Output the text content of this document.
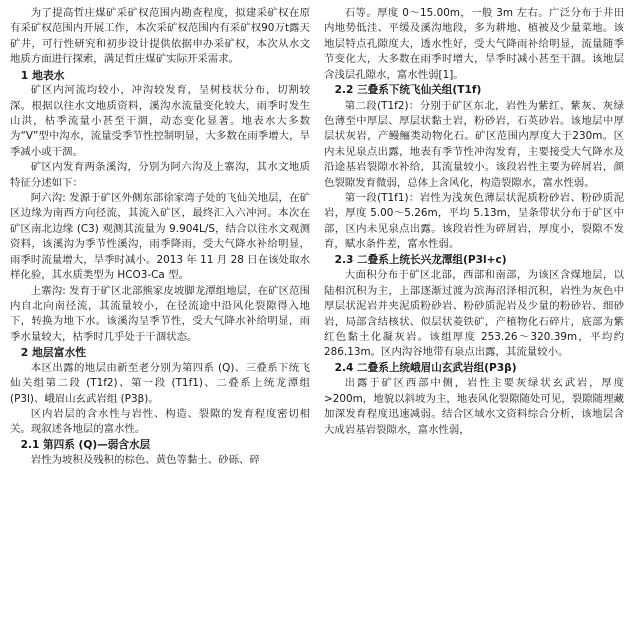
为了提高哲庄煤矿采矿权范围内勘查程度，拟建采矿权在原有采矿权范围内开展工作，本次采矿权范围内有采矿权90万t露天矿井，可行性研究和初步设计提供依据申办采矿权，本次从水文地质方面进行探索，满足哲庄煤矿实际开采需求。

1 地表水

矿区内河流均较小，冲沟较发育，呈树枝状分布，切割较深。根据以往水文地质资料，溪沟水流量变化较大，雨季时发生山洪，枯季流量小甚至干涸，动态变化显著。地表水大多数为“V”型中沟水，流量受季节性控制明显，大多数在雨季增大，旱季减小或干涸。

矿区内发育两条溪沟，分别为阿六沟及上寨沟，其水文地质特征分述如下：

阿六沟: 发源于矿区外侧东部徐家湾子处的飞仙关地层，在矿区边缘为南西方向径流，其流入矿区，最终汇入六冲河。本次在矿区南北边缘 (C3) 观测其流量为 9.904L/S，结合以往水文观测资料，该溪沟为季节性溪沟，雨季降雨，受大气降水补给明显，雨季时流量增大，旱季时减小。2013 年 11 月 28 日在该处取水样化验，其水质类型为 HCO3-Ca 型。

上寨沟: 发育于矿区北部熊家皮坡脚龙潭组地层，在矿区范围内自北向南径流，其流量较小，在径流途中沿风化裂隙得入地下，转换为地下水。该溪沟呈季节性，受大气降水补给明显，雨季水量较大，枯季时几乎处于干涸状态。

2 地层富水性

本区出露的地层由新至老分别为第四系 (Q)、三叠系下统飞仙关组第二段 (T1f2)、第一段 (T1f1)、二叠系上统龙潭组 (P3l)、峨眉山玄武岩组 (P3β)。

区内岩层的含水性与岩性、构造、裂隙的发育程度密切相关。现叙述各地层的富水性。

2.1 第四系 (Q)—弱含水层

岩性为坡积及残积的棕色、黄色等黏土、砂砾、碎

石等。厚度 0～15.00m，一般 3m 左右。广泛分布于井田内地势低洼、平缓及溪沟地段，多为耕地、植被及少量菜地。该地层特点孔隙度大，透水性好，受大气降雨补给明显，流量随季节变化大，大多数在雨季时增大，旱季时减小甚至干涸。该地层含浅层孔隙水，富水性弱[1]。

2.2 三叠系下统飞仙关组(T1f)

第二段(T1f2)：分别于矿区东北，岩性为紫红、紫灰、灰绿色薄至中厚层、厚层状黏土岩，粉砂岩，石英砂岩。该地层中厚层状灰岩，产鳗鲡类动物化石。矿区范围内厚度大于230m。区内未见泉点出露，地表有季节性冲沟发育，主要接受大气降水及沿途基岩裂隙水补给，其流量较小。该段岩性主要为碎屑岩，颜色裂隙发育微弱，总体上含风化，构造裂隙水，富水性弱。

第一段(T1f1)：岩性为浅灰色薄层状泥质粉砂岩、粉砂质泥岩，厚度 5.00～5.26m，平均 5.13m，呈条带状分布于矿区中部，区内未见泉点出露。该段岩性为碎屑岩，厚度小，裂隙不发育，赋水条件差，富水性弱。

2.3 二叠系上统长兴龙潭组(P3l+c)

大面积分布于矿区北部，西部和南部，为该区含煤地层，以陆相沉积为主，上部逐渐过渡为滨海沼泽相沉积，岩性为灰色中厚层状泥岩并夹泥质粉砂岩、粉砂质泥岩及少量的粉砂岩、细砂岩，局部含结核状、似层状菱铁矿，产植物化石碎片，底部为紫红色黏土化凝灰岩。该组厚度 253.26～320.39m，平均约 286.13m。区内沟谷地带有泉点出露，其流量较小。

2.4 二叠系上统峨眉山玄武岩组(P3β)

出露于矿区西部中侧，岩性主要灰绿状玄武岩，厚度>200m，地貌以斜坡为主，地表风化裂隙随处可见，裂隙随埋藏加深发育程度迅速减弱。结合区域水文资料综合分析，该地层含大成岩基岩裂隙水，富水性弱，
